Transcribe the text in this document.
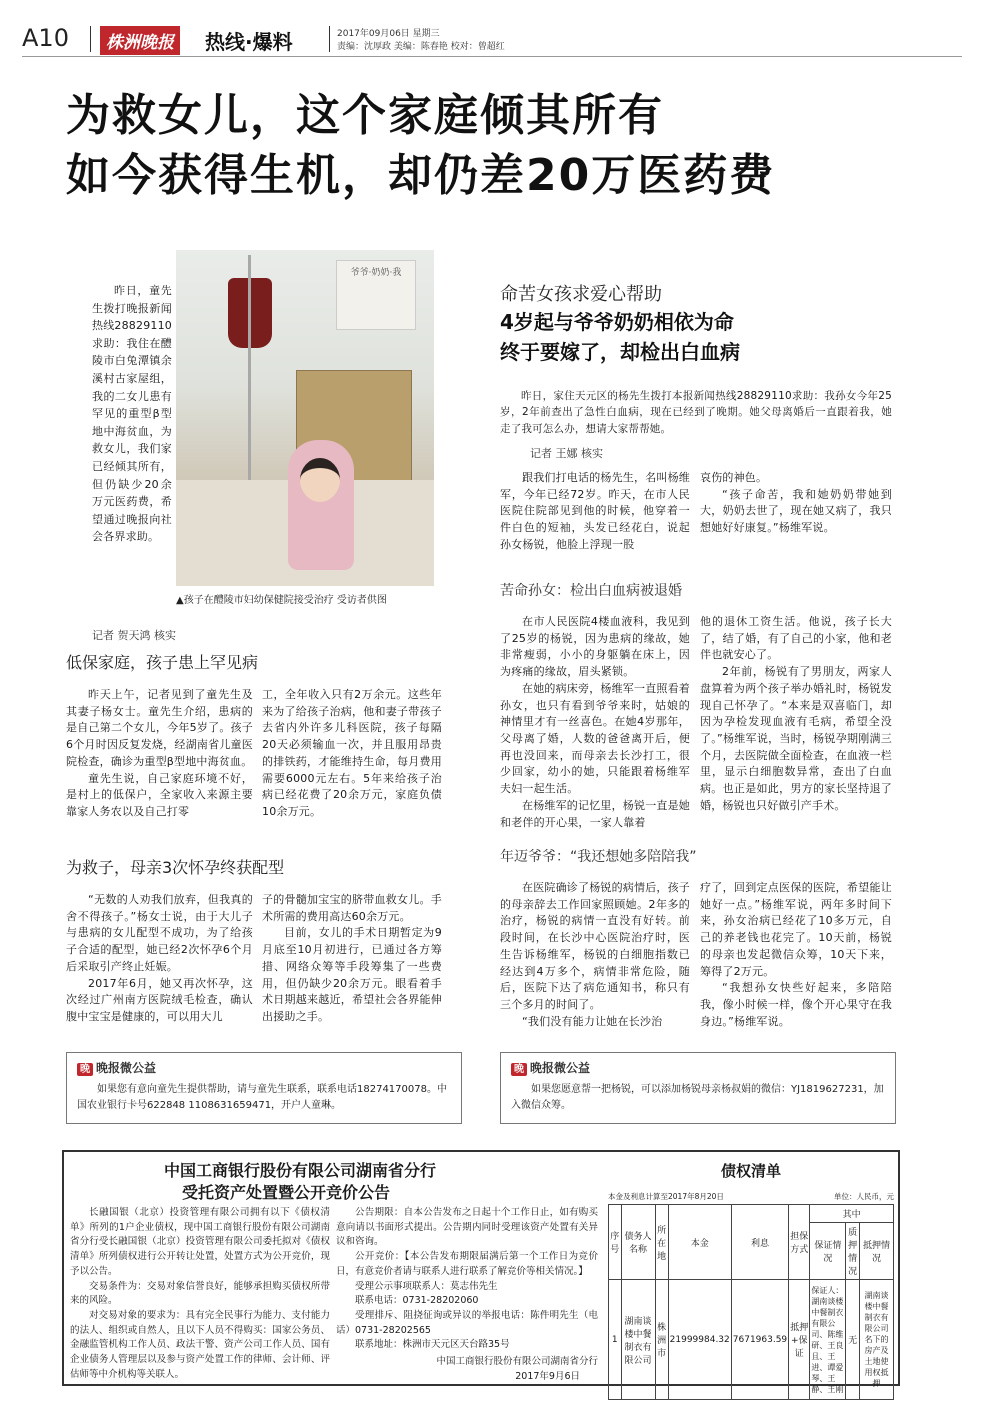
A10	株洲晚报	热线·爆料	2017年09月06日 星期三
责编：沈厚政 美编：陈春艳 校对：曾超红
为救女儿，这个家庭倾其所有
如今获得生机，却仍差20万医药费
昨日，童先生拨打晚报新闻热线28829110求助：我住在醴陵市白兔潭镇余溪村古家屋组，我的二女儿患有罕见的重型β型地中海贫血，为救女儿，我们家已经倾其所有，但仍缺少20余万元医药费，希望通过晚报向社会各界求助。
爷爷·奶奶·我
▲孩子在醴陵市妇幼保健院接受治疗 受访者供图
记者 贺天鸿 核实
低保家庭，孩子患上罕见病

昨天上午，记者见到了童先生及其妻子杨女士。童先生介绍，患病的是自己第二个女儿，今年5岁了。孩子6个月时因反复发烧，经湖南省儿童医院检查，确诊为重型β型地中海贫血。

童先生说，自己家庭环境不好，是村上的低保户，全家收入来源主要靠家人务农以及自己打零

工，全年收入只有2万余元。这些年来为了给孩子治病，他和妻子带孩子去省内外许多儿科医院，孩子每隔20天必须输血一次，并且服用昂贵的排铁药，才能维持生命，每月费用需要6000元左右。5年来给孩子治病已经花费了20余万元，家庭负债10余万元。

为救子，母亲3次怀孕终获配型

“无数的人劝我们放弃，但我真的舍不得孩子。”杨女士说，由于大儿子与患病的女儿配型不成功，为了给孩子合适的配型，她已经2次怀孕6个月后采取引产终止妊娠。

2017年6月，她又再次怀孕，这次经过广州南方医院绒毛检查，确认腹中宝宝是健康的，可以用大儿

子的骨髓加宝宝的脐带血救女儿。手术所需的费用高达60余万元。

目前，女儿的手术日期暂定为9月底至10月初进行，已通过各方筹措、网络众筹等手段筹集了一些费用，但仍缺少20余万元。眼看着手术日期越来越近，希望社会各界能伸出援助之手。

晚 晚报微公益
如果您有意向童先生提供帮助，请与童先生联系，联系电话18274170078。中国农业银行卡号622848 1108631659471，开户人童琳。
命苦女孩求爱心帮助
4岁起与爷爷奶奶相依为命
终于要嫁了，却检出白血病
昨日，家住天元区的杨先生拨打本报新闻热线28829110求助：我孙女今年25岁，2年前查出了急性白血病，现在已经到了晚期。她父母离婚后一直跟着我，她走了我可怎么办，想请大家帮帮她。
记者 王娜 核实

跟我们打电话的杨先生，名叫杨维军，今年已经72岁。昨天，在市人民医院住院部见到他的时候，他穿着一件白色的短袖，头发已经花白，说起孙女杨锐，他脸上浮现一股

哀伤的神色。

“孩子命苦，我和她奶奶带她到大，奶奶去世了，现在她又病了，我只想她好好康复。”杨维军说。

苦命孙女：检出白血病被退婚

在市人民医院4楼血液科，我见到了25岁的杨锐，因为患病的缘故，她非常瘦弱，小小的身躯躺在床上，因为疼痛的缘故，眉头紧锁。

在她的病床旁，杨维军一直照看着孙女，也只有看到爷爷来时，姑娘的神情里才有一丝喜色。在她4岁那年，父母离了婚，人数的爸爸离开后，便再也没回来，而母亲去长沙打工，很少回家，幼小的她，只能跟着杨维军夫妇一起生活。

在杨维军的记忆里，杨锐一直是她和老伴的开心果，一家人靠着

他的退休工资生活。他说，孩子长大了，结了婚，有了自己的小家，他和老伴也就安心了。

2年前，杨锐有了男朋友，两家人盘算着为两个孩子举办婚礼时，杨锐发现自己怀孕了。“本来是双喜临门，却因为孕检发现血液有毛病，希望全没了。”杨维军说，当时，杨锐孕期刚满三个月，去医院做全面检查，在血液一栏里，显示白细胞数异常，查出了白血病。也正是如此，男方的家长坚持退了婚，杨锐也只好做引产手术。

年迈爷爷：“我还想她多陪陪我”

在医院确诊了杨锐的病情后，孩子的母亲辞去工作回家照顾她。2年多的治疗，杨锐的病情一直没有好转。前段时间，在长沙中心医院治疗时，医生告诉杨维军，杨锐的白细胞指数已经达到4万多个，病情非常危险，随后，医院下达了病危通知书，称只有三个多月的时间了。

“我们没有能力让她在长沙治

疗了，回到定点医保的医院，希望能让她好一点。”杨维军说，两年多时间下来，孙女治病已经花了10多万元，自己的养老钱也花完了。10天前，杨锐的母亲也发起微信众筹，10天下来，筹得了2万元。

“我想孙女快些好起来，多陪陪我，像小时候一样，像个开心果守在我身边。”杨维军说。

晚 晚报微公益
如果您愿意帮一把杨锐，可以添加杨锐母亲杨叔娟的微信：YJ1819627231，加入微信众筹。
中国工商银行股份有限公司湖南省分行
受托资产处置暨公开竞价公告

长融国银（北京）投资管理有限公司拥有以下《债权清单》所列的1户企业债权，现中国工商银行股份有限公司湖南省分行受长融国银（北京）投资管理有限公司委托拟对《债权清单》所列债权进行公开转让处置，处置方式为公开竞价，现予以公告。

交易条件为：交易对象信誉良好，能够承担购买债权所带来的风险。

对交易对象的要求为：具有完全民事行为能力、支付能力的法人、组织或自然人，且以下人员不得购买：国家公务员、金融监管机构工作人员、政法干警、资产公司工作人员、国有企业债务人管理层以及参与资产处置工作的律师、会计师、评估师等中介机构等关联人。

公告期限：自本公告发布之日起十个工作日止，如有购买意向请以书面形式提出。公告期内同时受理该资产处置有关异议和咨询。

公开竞价：【本公告发布期限届满后第一个工作日为竞价日，有意竞价者请与联系人进行联系了解竞价等相关情况。】

受理公示事项联系人：莫志伟先生

联系电话：0731-28202060

受理排斥、阻挠征询或异议的举报电话：陈件明先生（电话）0731-28202565

联系地址：株洲市天元区天台路35号

中国工商银行股份有限公司湖南省分行

2017年9月6日

债权清单
本金及利息计算至2017年8月20日	单位：人民币，元
序号	债务人名称	所在地	本金	利息	担保方式	其中		
						保证情况	质押情况	抵押情况
1	湖南谈楼中餐制衣有限公司	株洲市	21999984.32	7671963.59	抵押+保证	保证人：湖南谈楼中餐制衣有限公司、陈维研、王良且、王进、谭爱琴、王静、王刚	无	湖南谈楼中餐制衣有限公司名下的房产及土地使用权抵押
